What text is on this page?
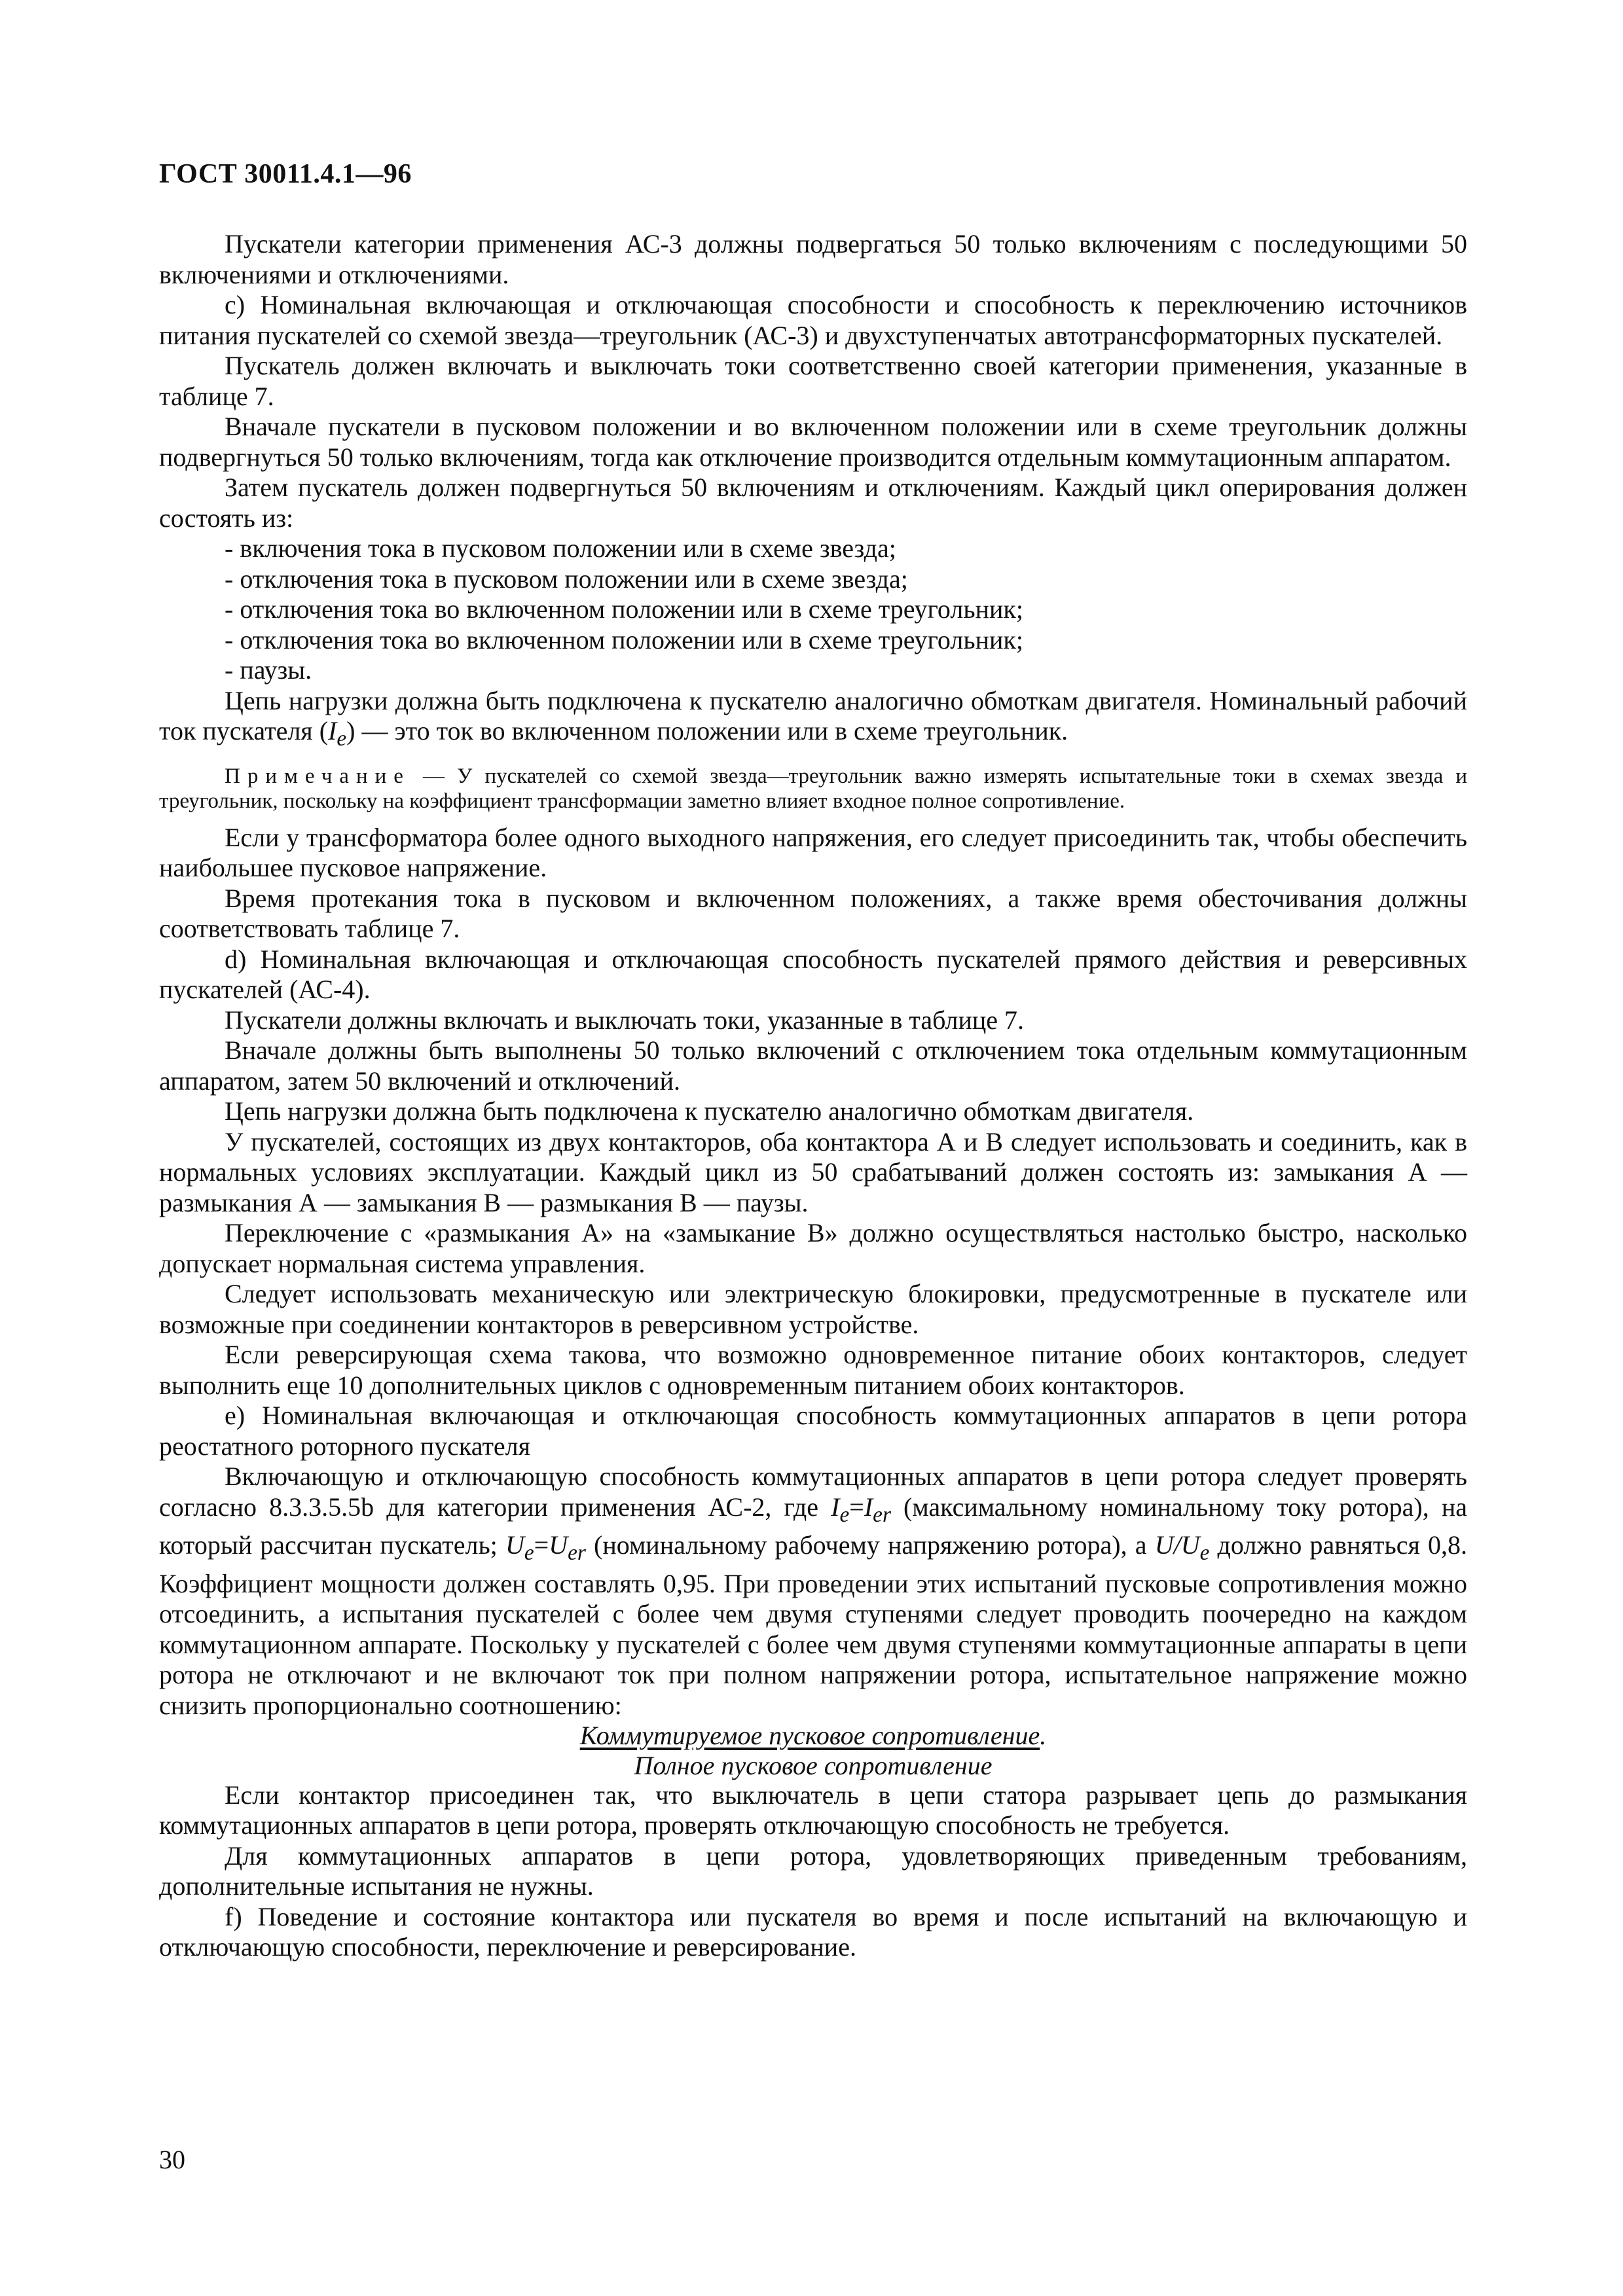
ГОСТ 30011.4.1—96

Пускатели категории применения АС-3 должны подвергаться 50 только включениям с последующими 50 включениями и отключениями.

с) Номинальная включающая и отключающая способности и способность к переключению источников питания пускателей со схемой звезда—треугольник (АС-3) и двухступенчатых автотрансформаторных пускателей.

Пускатель должен включать и выключать токи соответственно своей категории применения, указанные в таблице 7.

Вначале пускатели в пусковом положении и во включенном положении или в схеме треугольник должны подвергнуться 50 только включениям, тогда как отключение производится отдельным коммутационным аппаратом.

Затем пускатель должен подвергнуться 50 включениям и отключениям. Каждый цикл оперирования должен состоять из:

- включения тока в пусковом положении или в схеме звезда;

- отключения тока в пусковом положении или в схеме звезда;

- отключения тока во включенном положении или в схеме треугольник;

- отключения тока во включенном положении или в схеме треугольник;

- паузы.

Цепь нагрузки должна быть подключена к пускателю аналогично обмоткам двигателя. Номинальный рабочий ток пускателя $(I_e)$ — это ток во включенном положении или в схеме треугольник.

Примечание — У пускателей со схемой звезда—треугольник важно измерять испытательные токи в схемах звезда и треугольник, поскольку на коэффициент трансформации заметно влияет входное полное сопротивление.

Если у трансформатора более одного выходного напряжения, его следует присоединить так, чтобы обеспечить наибольшее пусковое напряжение.

Время протекания тока в пусковом и включенном положениях, а также время обесточивания должны соответствовать таблице 7.

d) Номинальная включающая и отключающая способность пускателей прямого действия и реверсивных пускателей (АС-4).

Пускатели должны включать и выключать токи, указанные в таблице 7.

Вначале должны быть выполнены 50 только включений с отключением тока отдельным коммутационным аппаратом, затем 50 включений и отключений.

Цепь нагрузки должна быть подключена к пускателю аналогично обмоткам двигателя.

У пускателей, состоящих из двух контакторов, оба контактора А и В следует использовать и соединить, как в нормальных условиях эксплуатации. Каждый цикл из 50 срабатываний должен состоять из: замыкания А — размыкания А — замыкания В — размыкания В — паузы.

Переключение с «размыкания А» на «замыкание В» должно осуществляться настолько быстро, насколько допускает нормальная система управления.

Следует использовать механическую или электрическую блокировки, предусмотренные в пускателе или возможные при соединении контакторов в реверсивном устройстве.

Если реверсирующая схема такова, что возможно одновременное питание обоих контакторов, следует выполнить еще 10 дополнительных циклов с одновременным питанием обоих контакторов.

е) Номинальная включающая и отключающая способность коммутационных аппаратов в цепи ротора реостатного роторного пускателя

Включающую и отключающую способность коммутационных аппаратов в цепи ротора следует проверять согласно 8.3.3.5.5b для категории применения АС-2, где $I_e=I_{er}$ (максимальному номинальному току ротора), на который рассчитан пускатель; $U_e=U_{er}$ (номинальному рабочему напряжению ротора), а $U/U_e$ должно равняться 0,8. Коэффициент мощности должен составлять 0,95. При проведении этих испытаний пусковые сопротивления можно отсоединить, а испытания пускателей с более чем двумя ступенями следует проводить поочередно на каждом коммутационном аппарате. Поскольку у пускателей с более чем двумя ступенями коммутационные аппараты в цепи ротора не отключают и не включают ток при полном напряжении ротора, испытательное напряжение можно снизить пропорционально соотношению:

Коммутируемое пусковое сопротивление.
Полное пусковое сопротивление

Если контактор присоединен так, что выключатель в цепи статора разрывает цепь до размыкания коммутационных аппаратов в цепи ротора, проверять отключающую способность не требуется.

Для коммутационных аппаратов в цепи ротора, удовлетворяющих приведенным требованиям, дополнительные испытания не нужны.

f) Поведение и состояние контактора или пускателя во время и после испытаний на включающую и отключающую способности, переключение и реверсирование.

30
